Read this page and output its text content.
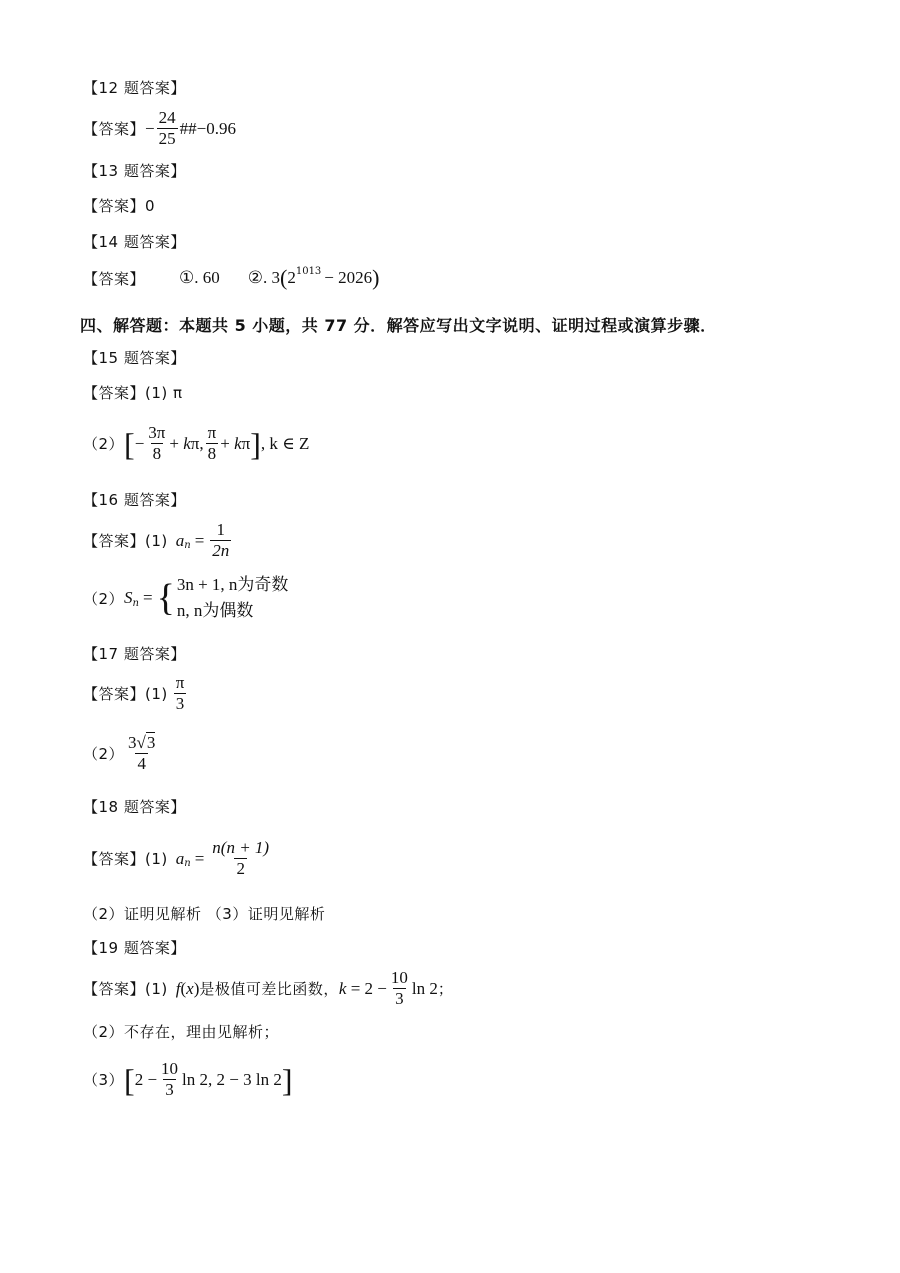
【12 题答案】
【答案】 − $\frac{24}{25}$ ##−0.96
【13 题答案】
【答案】0
【14 题答案】
【答案】 ①. 60 ②. 3 ( 2 1013 − 2026 )
四、解答题：本题共 5 小题，共 77 分．解答应写出文字说明、证明过程或演算步骤．
【15 题答案】
【答案】(1) π
（2） [ − $\frac{3\pi}{8} + k\pi$, $\frac{\pi}{8} + k\pi$ ] , k ∈ Z
【16 题答案】
【答案】(1) a $n = \frac{1}{2n}$
（2） S n = { 3n + 1, n为奇数
n, n为偶数
【17 题答案】
【答案】$(1) \frac{\pi}{3}$
$(2) \frac{3√3}{4}$
【18 题答案】
【答案】(1) a $n = \frac{n(n + 1)}{2}$
（2）证明见解析 （3）证明见解析
【19 题答案】
【答案】(1) f(x) 是极值可差比函数， $k = 2 - \frac{10}{3}$ ln 2 ；
（2）不存在，理由见解析；
（3） [ $2 - \frac{10}{3}$ ln 2, 2 − 3 ln 2 ]
